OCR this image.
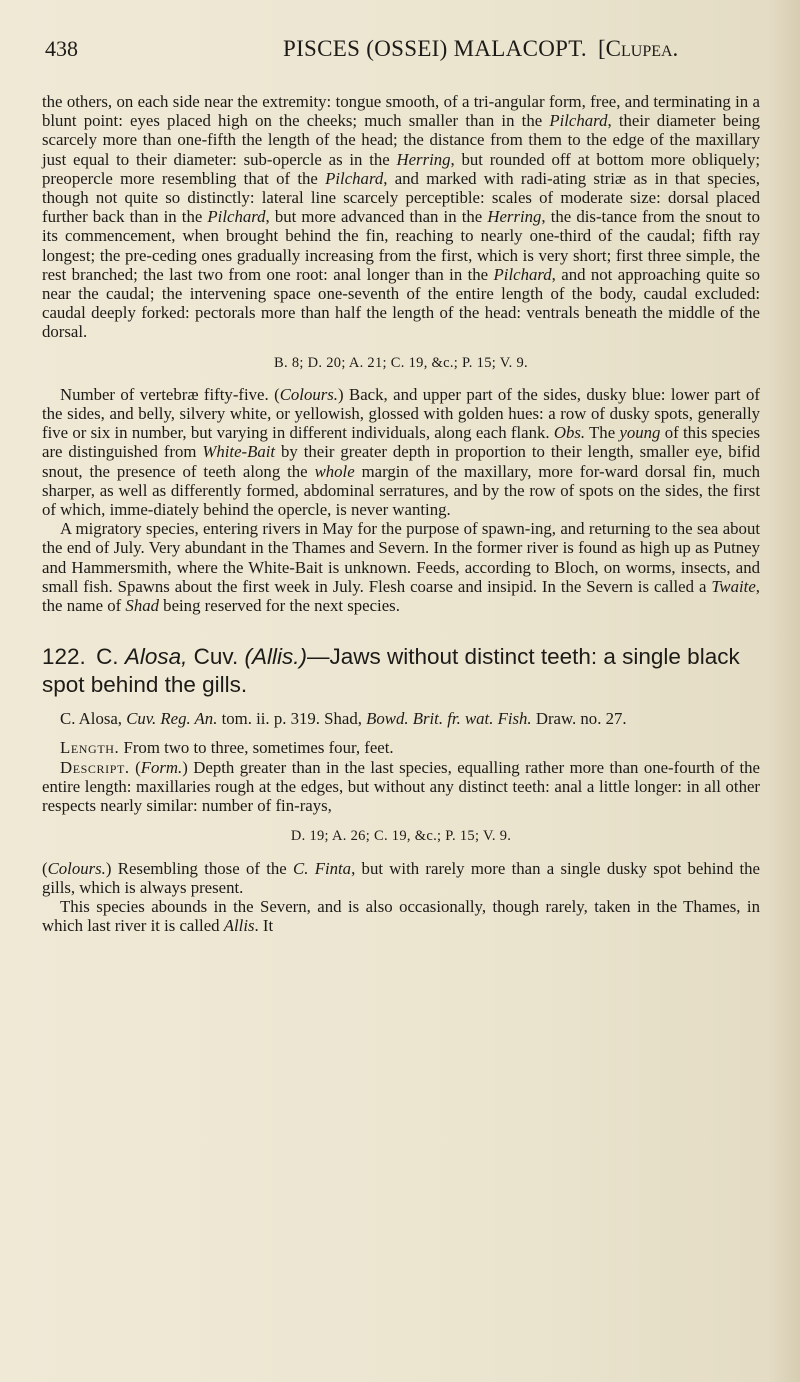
438	PISCES (OSSEI) MALACOPT. [Clupea.

the others, on each side near the extremity: tongue smooth, of a tri-angular form, free, and terminating in a blunt point: eyes placed high on the cheeks; much smaller than in the Pilchard, their diameter being scarcely more than one-fifth the length of the head; the distance from them to the edge of the maxillary just equal to their diameter: sub-opercle as in the Herring, but rounded off at bottom more obliquely; preopercle more resembling that of the Pilchard, and marked with radi-ating striæ as in that species, though not quite so distinctly: lateral line scarcely perceptible: scales of moderate size: dorsal placed further back than in the Pilchard, but more advanced than in the Herring, the dis-tance from the snout to its commencement, when brought behind the fin, reaching to nearly one-third of the caudal; fifth ray longest; the pre-ceding ones gradually increasing from the first, which is very short; first three simple, the rest branched; the last two from one root: anal longer than in the Pilchard, and not approaching quite so near the caudal; the intervening space one-seventh of the entire length of the body, caudal excluded: caudal deeply forked: pectorals more than half the length of the head: ventrals beneath the middle of the dorsal.

B. 8; D. 20; A. 21; C. 19, &c.; P. 15; V. 9.

Number of vertebræ fifty-five. (Colours.) Back, and upper part of the sides, dusky blue: lower part of the sides, and belly, silvery white, or yellowish, glossed with golden hues: a row of dusky spots, generally five or six in number, but varying in different individuals, along each flank. Obs. The young of this species are distinguished from White-Bait by their greater depth in proportion to their length, smaller eye, bifid snout, the presence of teeth along the whole margin of the maxillary, more for-ward dorsal fin, much sharper, as well as differently formed, abdominal serratures, and by the row of spots on the sides, the first of which, imme-diately behind the opercle, is never wanting.

A migratory species, entering rivers in May for the purpose of spawn-ing, and returning to the sea about the end of July. Very abundant in the Thames and Severn. In the former river is found as high up as Putney and Hammersmith, where the White-Bait is unknown. Feeds, according to Bloch, on worms, insects, and small fish. Spawns about the first week in July. Flesh coarse and insipid. In the Severn is called a Twaite, the name of Shad being reserved for the next species.

122. C. Alosa, Cuv. (Allis.)—Jaws without distinct teeth: a single black spot behind the gills.

C. Alosa, Cuv. Reg. An. tom. ii. p. 319. Shad, Bowd. Brit. fr. wat. Fish. Draw. no. 27.

Length. From two to three, sometimes four, feet.

Descript. (Form.) Depth greater than in the last species, equalling rather more than one-fourth of the entire length: maxillaries rough at the edges, but without any distinct teeth: anal a little longer: in all other respects nearly similar: number of fin-rays,

D. 19; A. 26; C. 19, &c.; P. 15; V. 9.

(Colours.) Resembling those of the C. Finta, but with rarely more than a single dusky spot behind the gills, which is always present.

This species abounds in the Severn, and is also occasionally, though rarely, taken in the Thames, in which last river it is called Allis. It
